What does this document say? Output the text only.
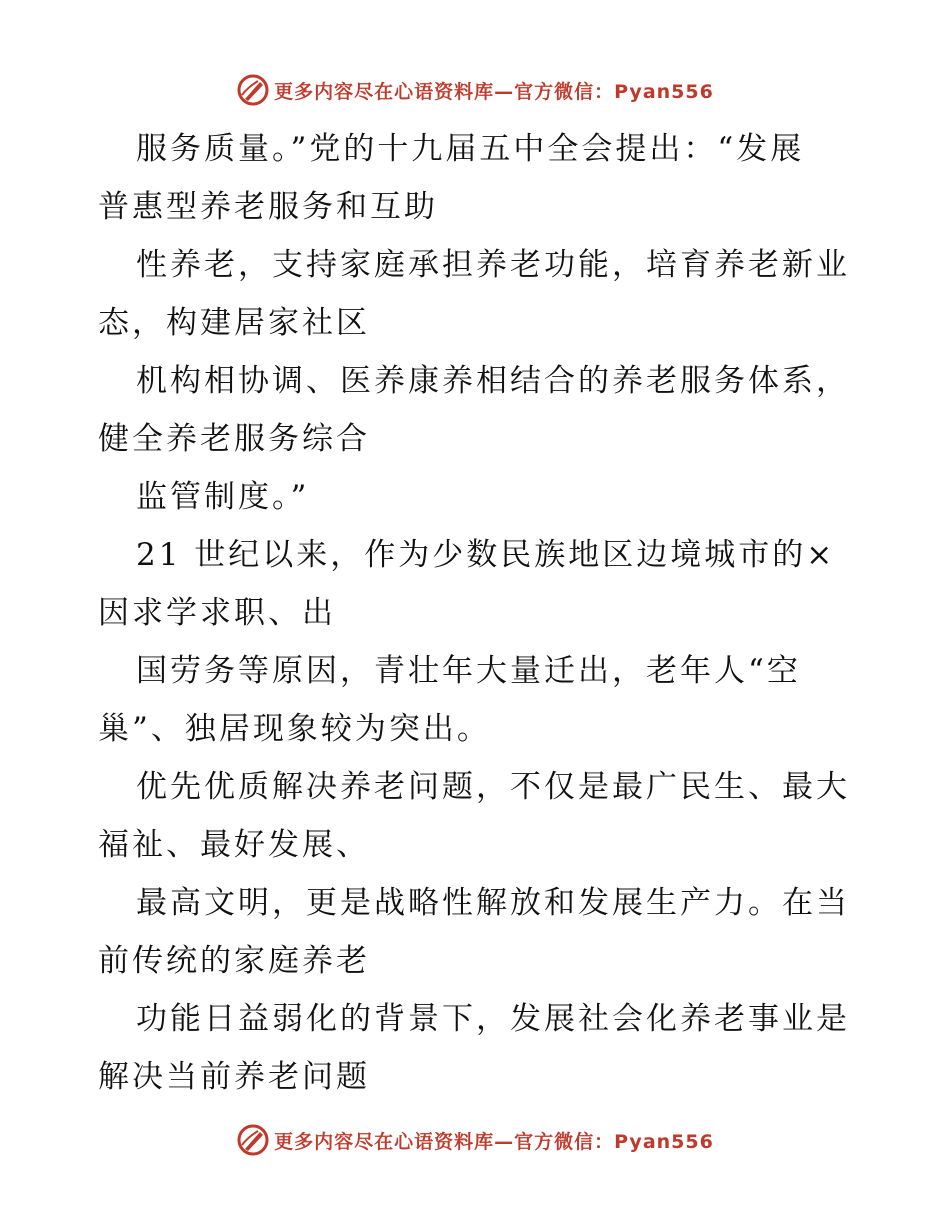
更多内容尽在心语资料库—官方微信：Pyan556
服务质量。”党的十九届五中全会提出：“发展
普惠型养老服务和互助
性养老，支持家庭承担养老功能，培育养老新业
态，构建居家社区
机构相协调、医养康养相结合的养老服务体系，
健全养老服务综合
监管制度。”
21 世纪以来，作为少数民族地区边境城市的×
因求学求职、出
国劳务等原因，青壮年大量迁出，老年人“空
巢”、独居现象较为突出。
优先优质解决养老问题，不仅是最广民生、最大
福祉、最好发展、
最高文明，更是战略性解放和发展生产力。在当
前传统的家庭养老
功能日益弱化的背景下，发展社会化养老事业是
解决当前养老问题
更多内容尽在心语资料库—官方微信：Pyan556
